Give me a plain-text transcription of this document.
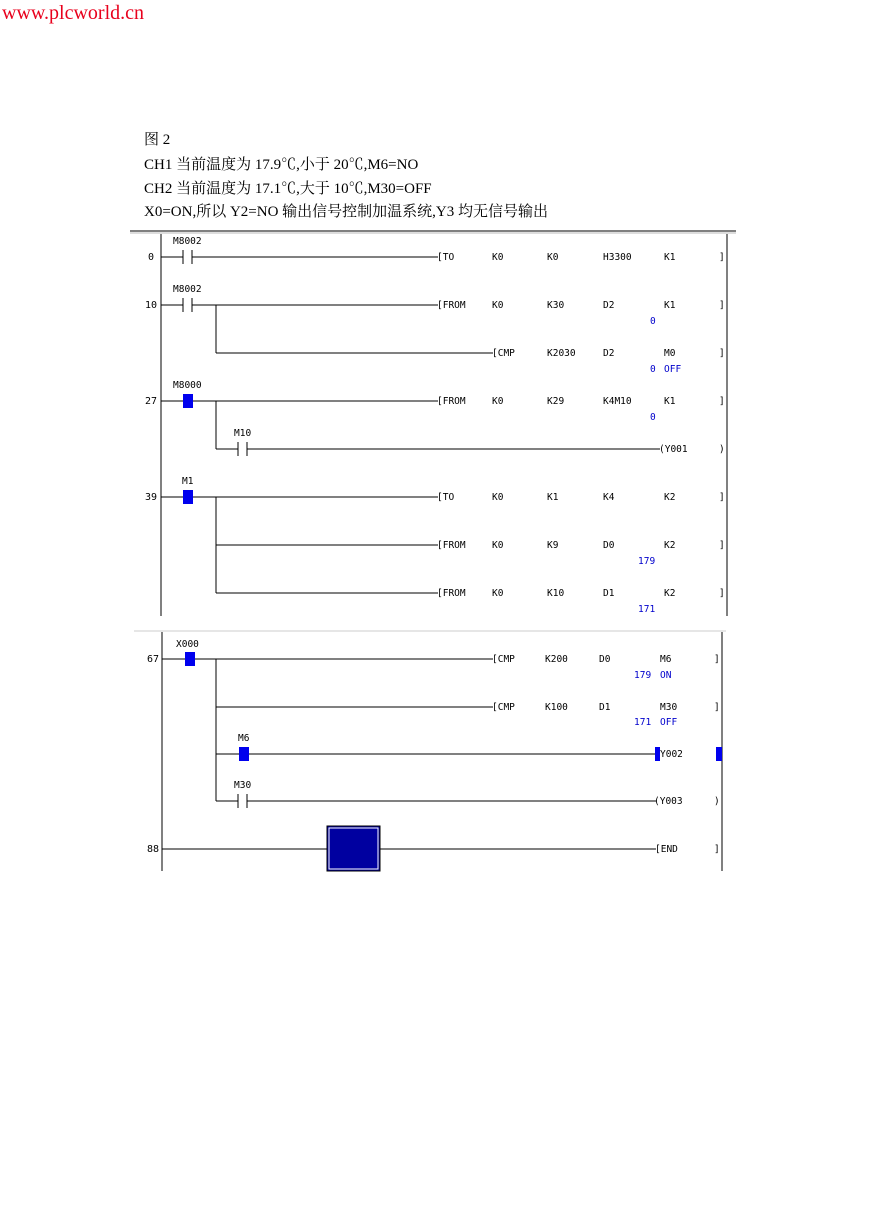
www.plcworld.cn
图 2
CH1 当前温度为 17.9℃,小于 20℃,M6=NO
CH2 当前温度为 17.1℃,大于 10℃,M30=OFF
X0=ON,所以 Y2=NO 输出信号控制加温系统,Y3 均无信号输出
0
M8002
[TO	K0	K0	H3300	K1	]
10
M8002
[FROM	K0	K30	D2	K1
0
]
[CMP	K2030	D2	M0
0 OFF
]
27
M8000
[FROM	K0	K29	K4M10	K1
0
]
M10
(Y001	)
39
M1
[TO	K0	K1	K4	K2	]
[FROM	K0	K9	D0	K2
179
]
[FROM	K0	K10	D1	K2
171
]
67
X000
[CMP	K200	D0	M6
179 ON
]
[CMP	K100	D1	M30
171 OFF
]
M6
Y002
M30
(Y003	)
88	[END	]
